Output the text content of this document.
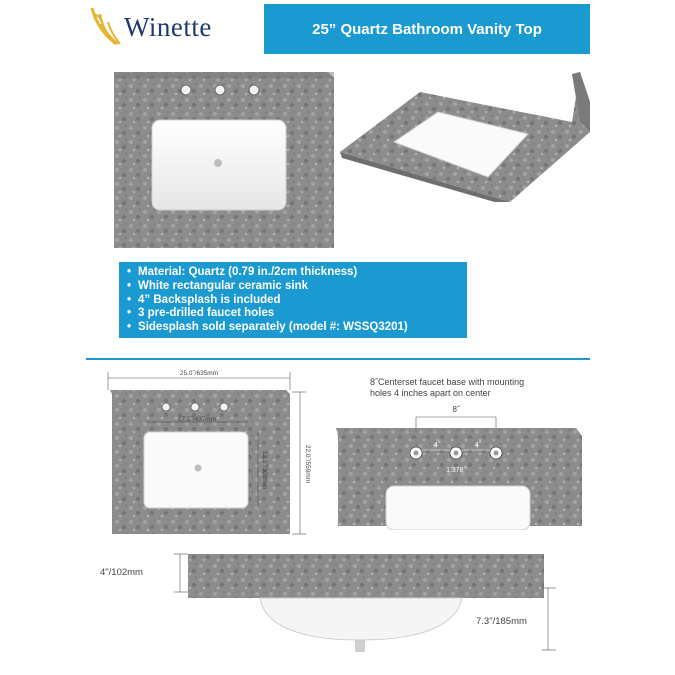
Winette	25” Quartz Bathroom Vanity Top
• Material: Quartz (0.79 in./2cm thickness)
• White rectangular ceramic sink
• 4” Backsplash is included
• 3 pre-drilled faucet holes
• Sidesplash sold separately (model #: WSSQ3201)
25.0˝/635mm
17.2˝/437mm
12.1˝/308mm	22.0˝/559mm
8˝Centerset faucet base with mounting
holes 4 inches apart on center
8˝
4˝	4˝
1.378˝
4"/102mm
7.3"/185mm
